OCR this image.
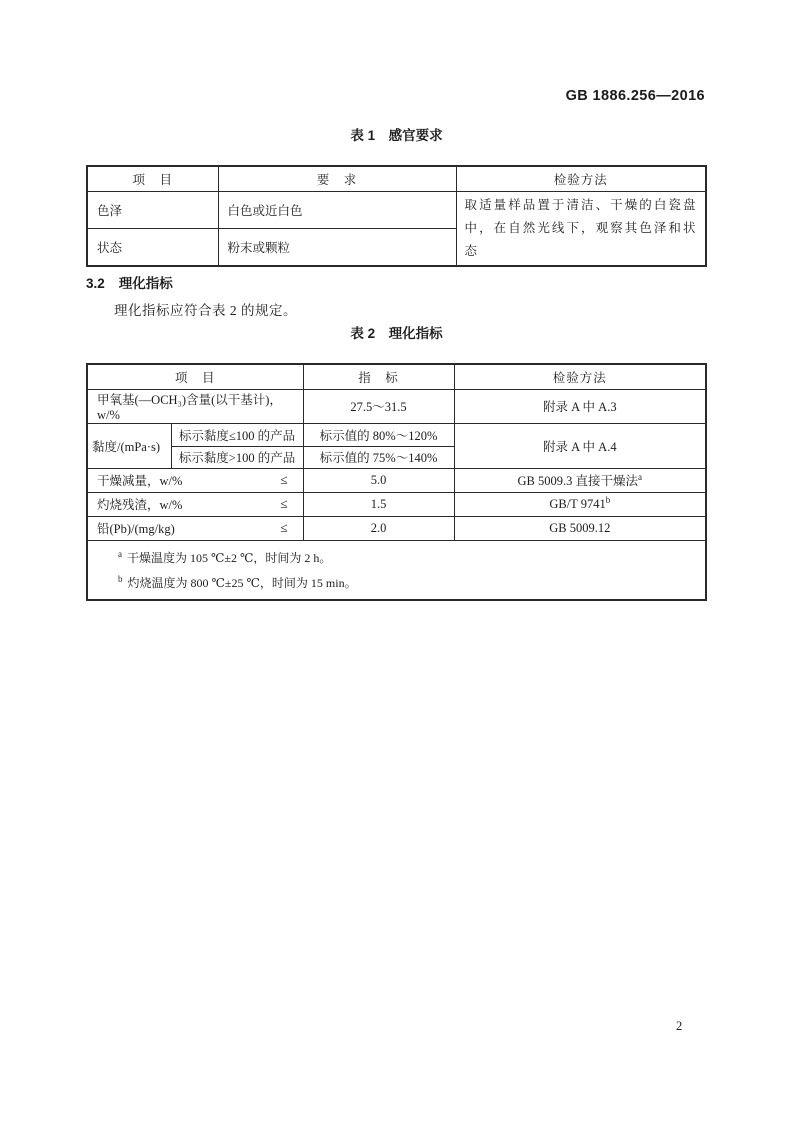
GB 1886.256—2016
表 1　感官要求
项　目	要　求	检验方法
色泽	白色或近白色	取适量样品置于清洁、干燥的白瓷盘中，在自然光线下，观察其色泽和状态
状态	粉末或颗粒	
3.2 理化指标
理化指标应符合表 2 的规定。
表 2　理化指标
项　目		指　标	检验方法
甲氧基(—OCH₃)含量(以干基计)，w/%		27.5～31.5	附录 A 中 A.3
黏度/(mPa·s)	标示黏度≤100 的产品	标示值的 80%～120%	附录 A 中 A.4
	标示黏度>100 的产品	标示值的 75%～140%	

干燥减量，w/% ≤		5.0	GB 5009.3 直接干燥法$^a$

灼烧残渣，w/% ≤		1.5	GB/T 9741$^b$

铅(Pb)/(mg/kg) ≤		2.0	GB 5009.12

$^a$ 干燥温度为 105 ℃±2 ℃，时间为 2 h。
$^b$ 灼烧温度为 800 ℃±25 ℃，时间为 15 min。			
2
